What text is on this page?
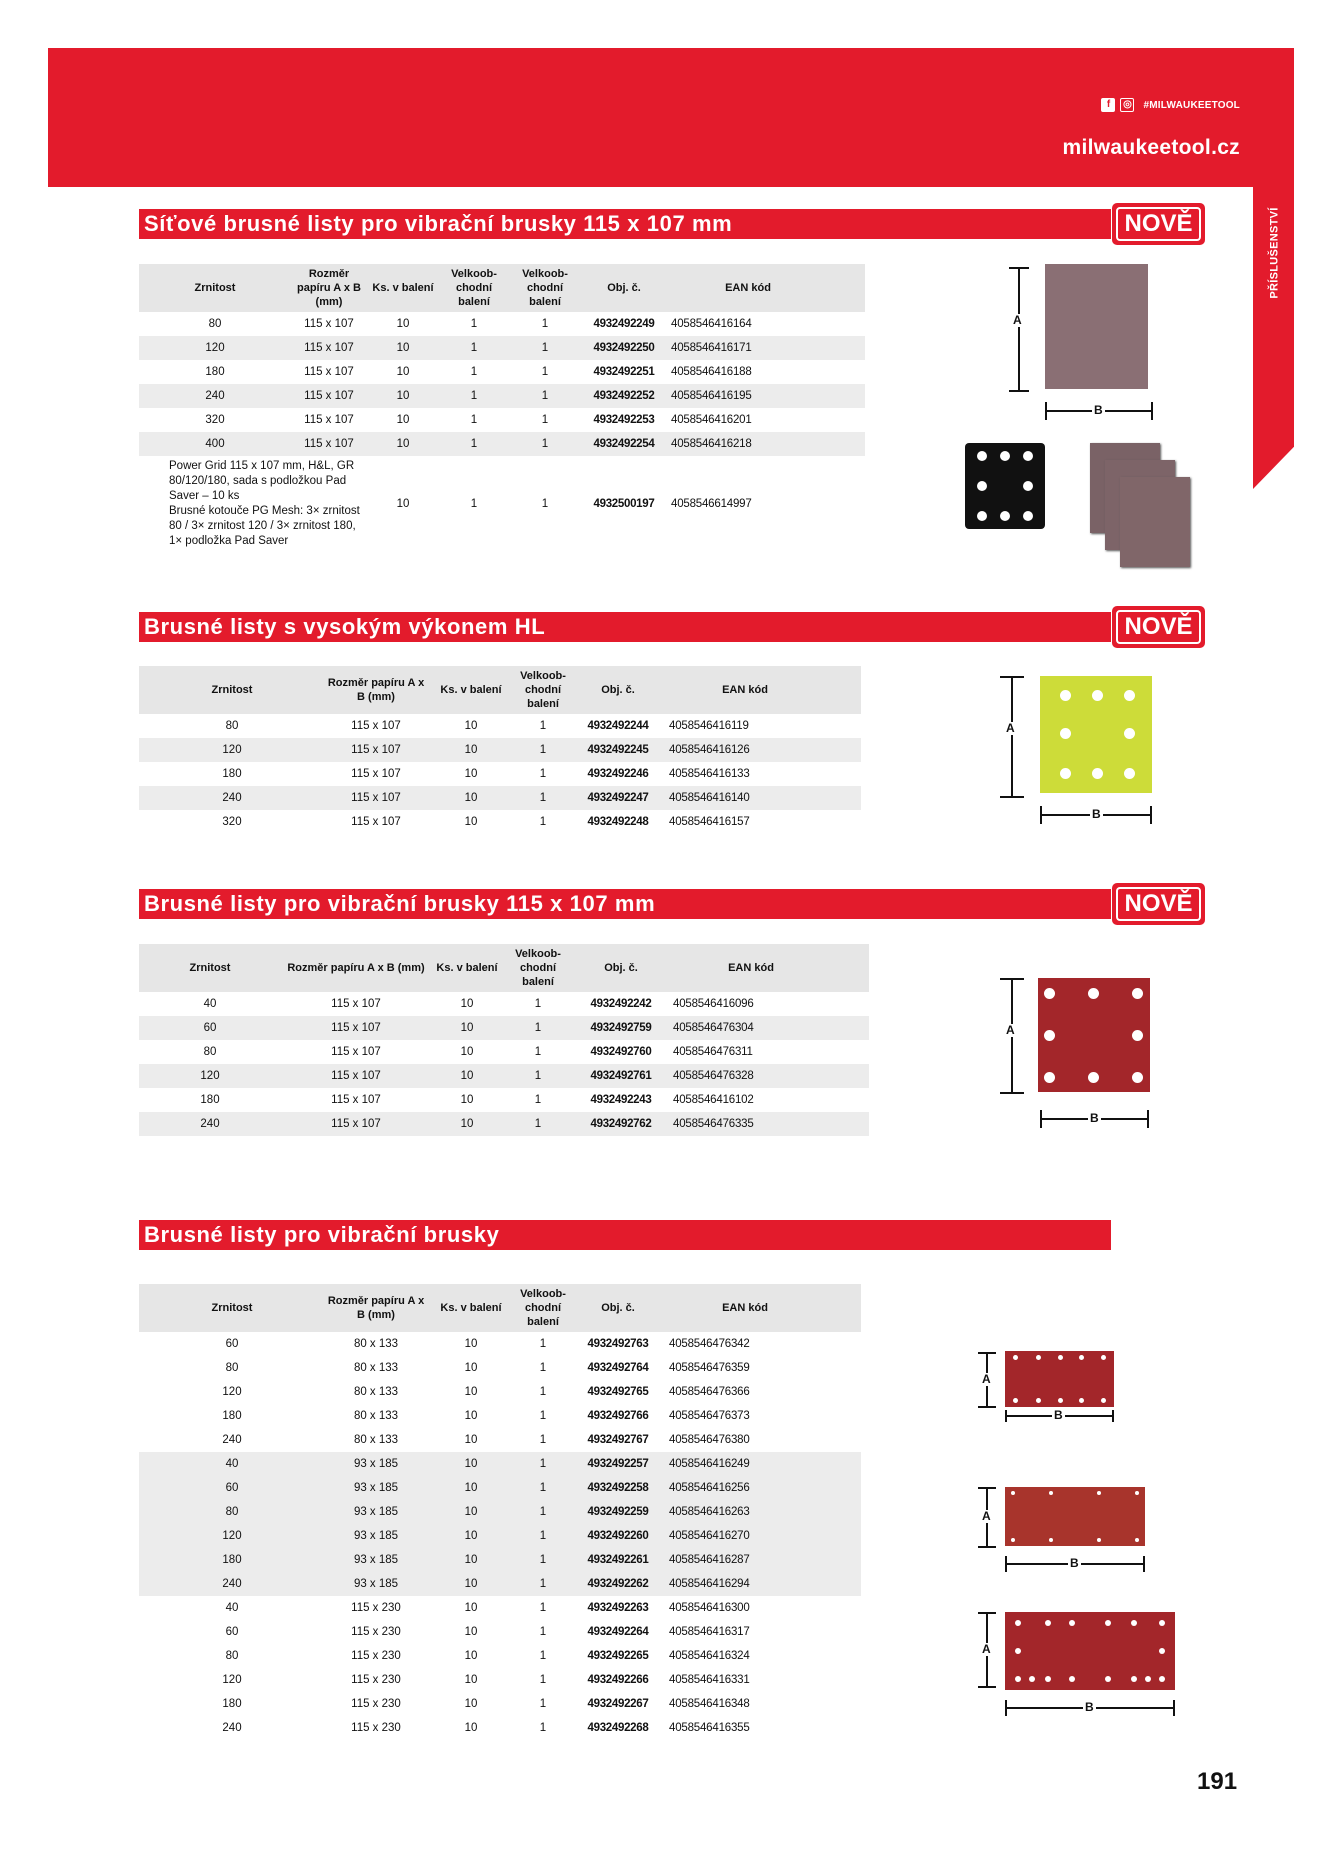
f	◎ #MILWAUKEETOOL
milwaukeetool.cz
PŘÍSLUŠENSTVÍ
Síťové brusné listy pro vibrační brusky 115 x 107 mm	NOVĚ
Zrnitost	Rozměr papíru A x B (mm)	Ks. v balení	Velkoob-chodní balení	Velkoob-chodní balení	Obj. č.	EAN kód	
80	115 x 107	10	1	1	4932492249	4058546416164	
120	115 x 107	10	1	1	4932492250	4058546416171	
180	115 x 107	10	1	1	4932492251	4058546416188	
240	115 x 107	10	1	1	4932492252	4058546416195	
320	115 x 107	10	1	1	4932492253	4058546416201	
400	115 x 107	10	1	1	4932492254	4058546416218	

Power Grid 115 x 107 mm, H&L, GR 80/120/180, sada s podložkou Pad Saver – 10 ks
Brusné kotouče PG Mesh: 3× zrnitost 80 / 3× zrnitost 120 / 3× zrnitost 180, 1× podložka Pad Saver		10	1	1	4932500197	4058546614997	
A
B
Brusné listy s vysokým výkonem HL	NOVĚ
Zrnitost	Rozměr papíru A x B (mm)	Ks. v balení	Velkoob-chodní balení	Obj. č.	EAN kód	
80	115 x 107	10	1	4932492244	4058546416119	
120	115 x 107	10	1	4932492245	4058546416126	
180	115 x 107	10	1	4932492246	4058546416133	
240	115 x 107	10	1	4932492247	4058546416140	
320	115 x 107	10	1	4932492248	4058546416157	
A
B
Brusné listy pro vibrační brusky 115 x 107 mm	NOVĚ
Zrnitost	Rozměr papíru A x B (mm)	Ks. v balení	Velkoob-chodní balení	Obj. č.	EAN kód	
40	115 x 107	10	1	4932492242	4058546416096	
60	115 x 107	10	1	4932492759	4058546476304	
80	115 x 107	10	1	4932492760	4058546476311	
120	115 x 107	10	1	4932492761	4058546476328	
180	115 x 107	10	1	4932492243	4058546416102	
240	115 x 107	10	1	4932492762	4058546476335	
A
B
Brusné listy pro vibrační brusky
Zrnitost	Rozměr papíru A x B (mm)	Ks. v balení	Velkoob-chodní balení	Obj. č.	EAN kód	
60	80 x 133	10	1	4932492763	4058546476342	
80	80 x 133	10	1	4932492764	4058546476359	
120	80 x 133	10	1	4932492765	4058546476366	
180	80 x 133	10	1	4932492766	4058546476373	
240	80 x 133	10	1	4932492767	4058546476380	
40	93 x 185	10	1	4932492257	4058546416249	
60	93 x 185	10	1	4932492258	4058546416256	
80	93 x 185	10	1	4932492259	4058546416263	
120	93 x 185	10	1	4932492260	4058546416270	
180	93 x 185	10	1	4932492261	4058546416287	
240	93 x 185	10	1	4932492262	4058546416294	
40	115 x 230	10	1	4932492263	4058546416300	
60	115 x 230	10	1	4932492264	4058546416317	
80	115 x 230	10	1	4932492265	4058546416324	
120	115 x 230	10	1	4932492266	4058546416331	
180	115 x 230	10	1	4932492267	4058546416348	
240	115 x 230	10	1	4932492268	4058546416355	
A
B
A
B
A
B
191
